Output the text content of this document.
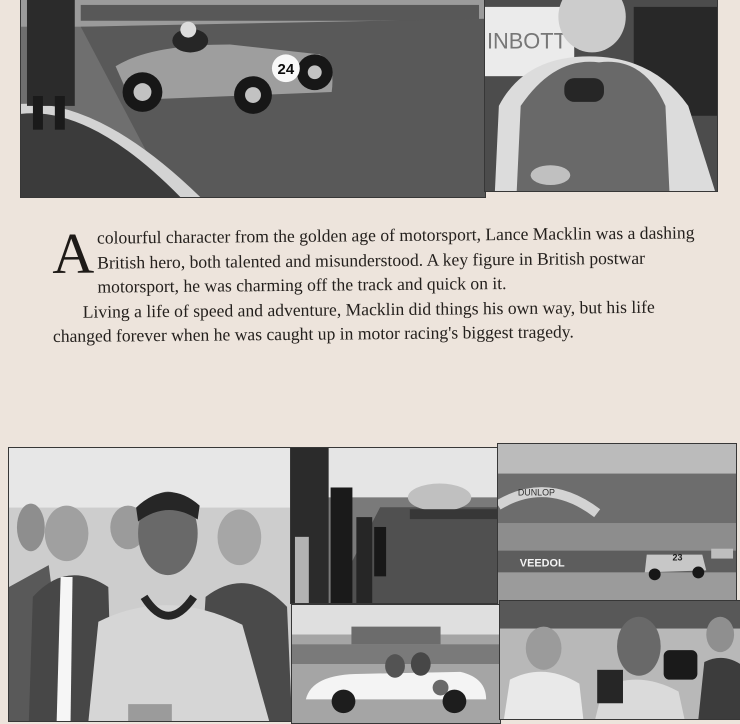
24
INBOTT

Acolourful character from the golden age of motorsport, Lance Macklin was a dashing British hero, both talented and misunderstood. A key figure in British postwar motorsport, he was charming off the track and quick on it.

Living a life of speed and adventure, Macklin did things his own way, but his life changed forever when he was caught up in motor racing's biggest tragedy.

DUNLOP
VEEDOL	23
